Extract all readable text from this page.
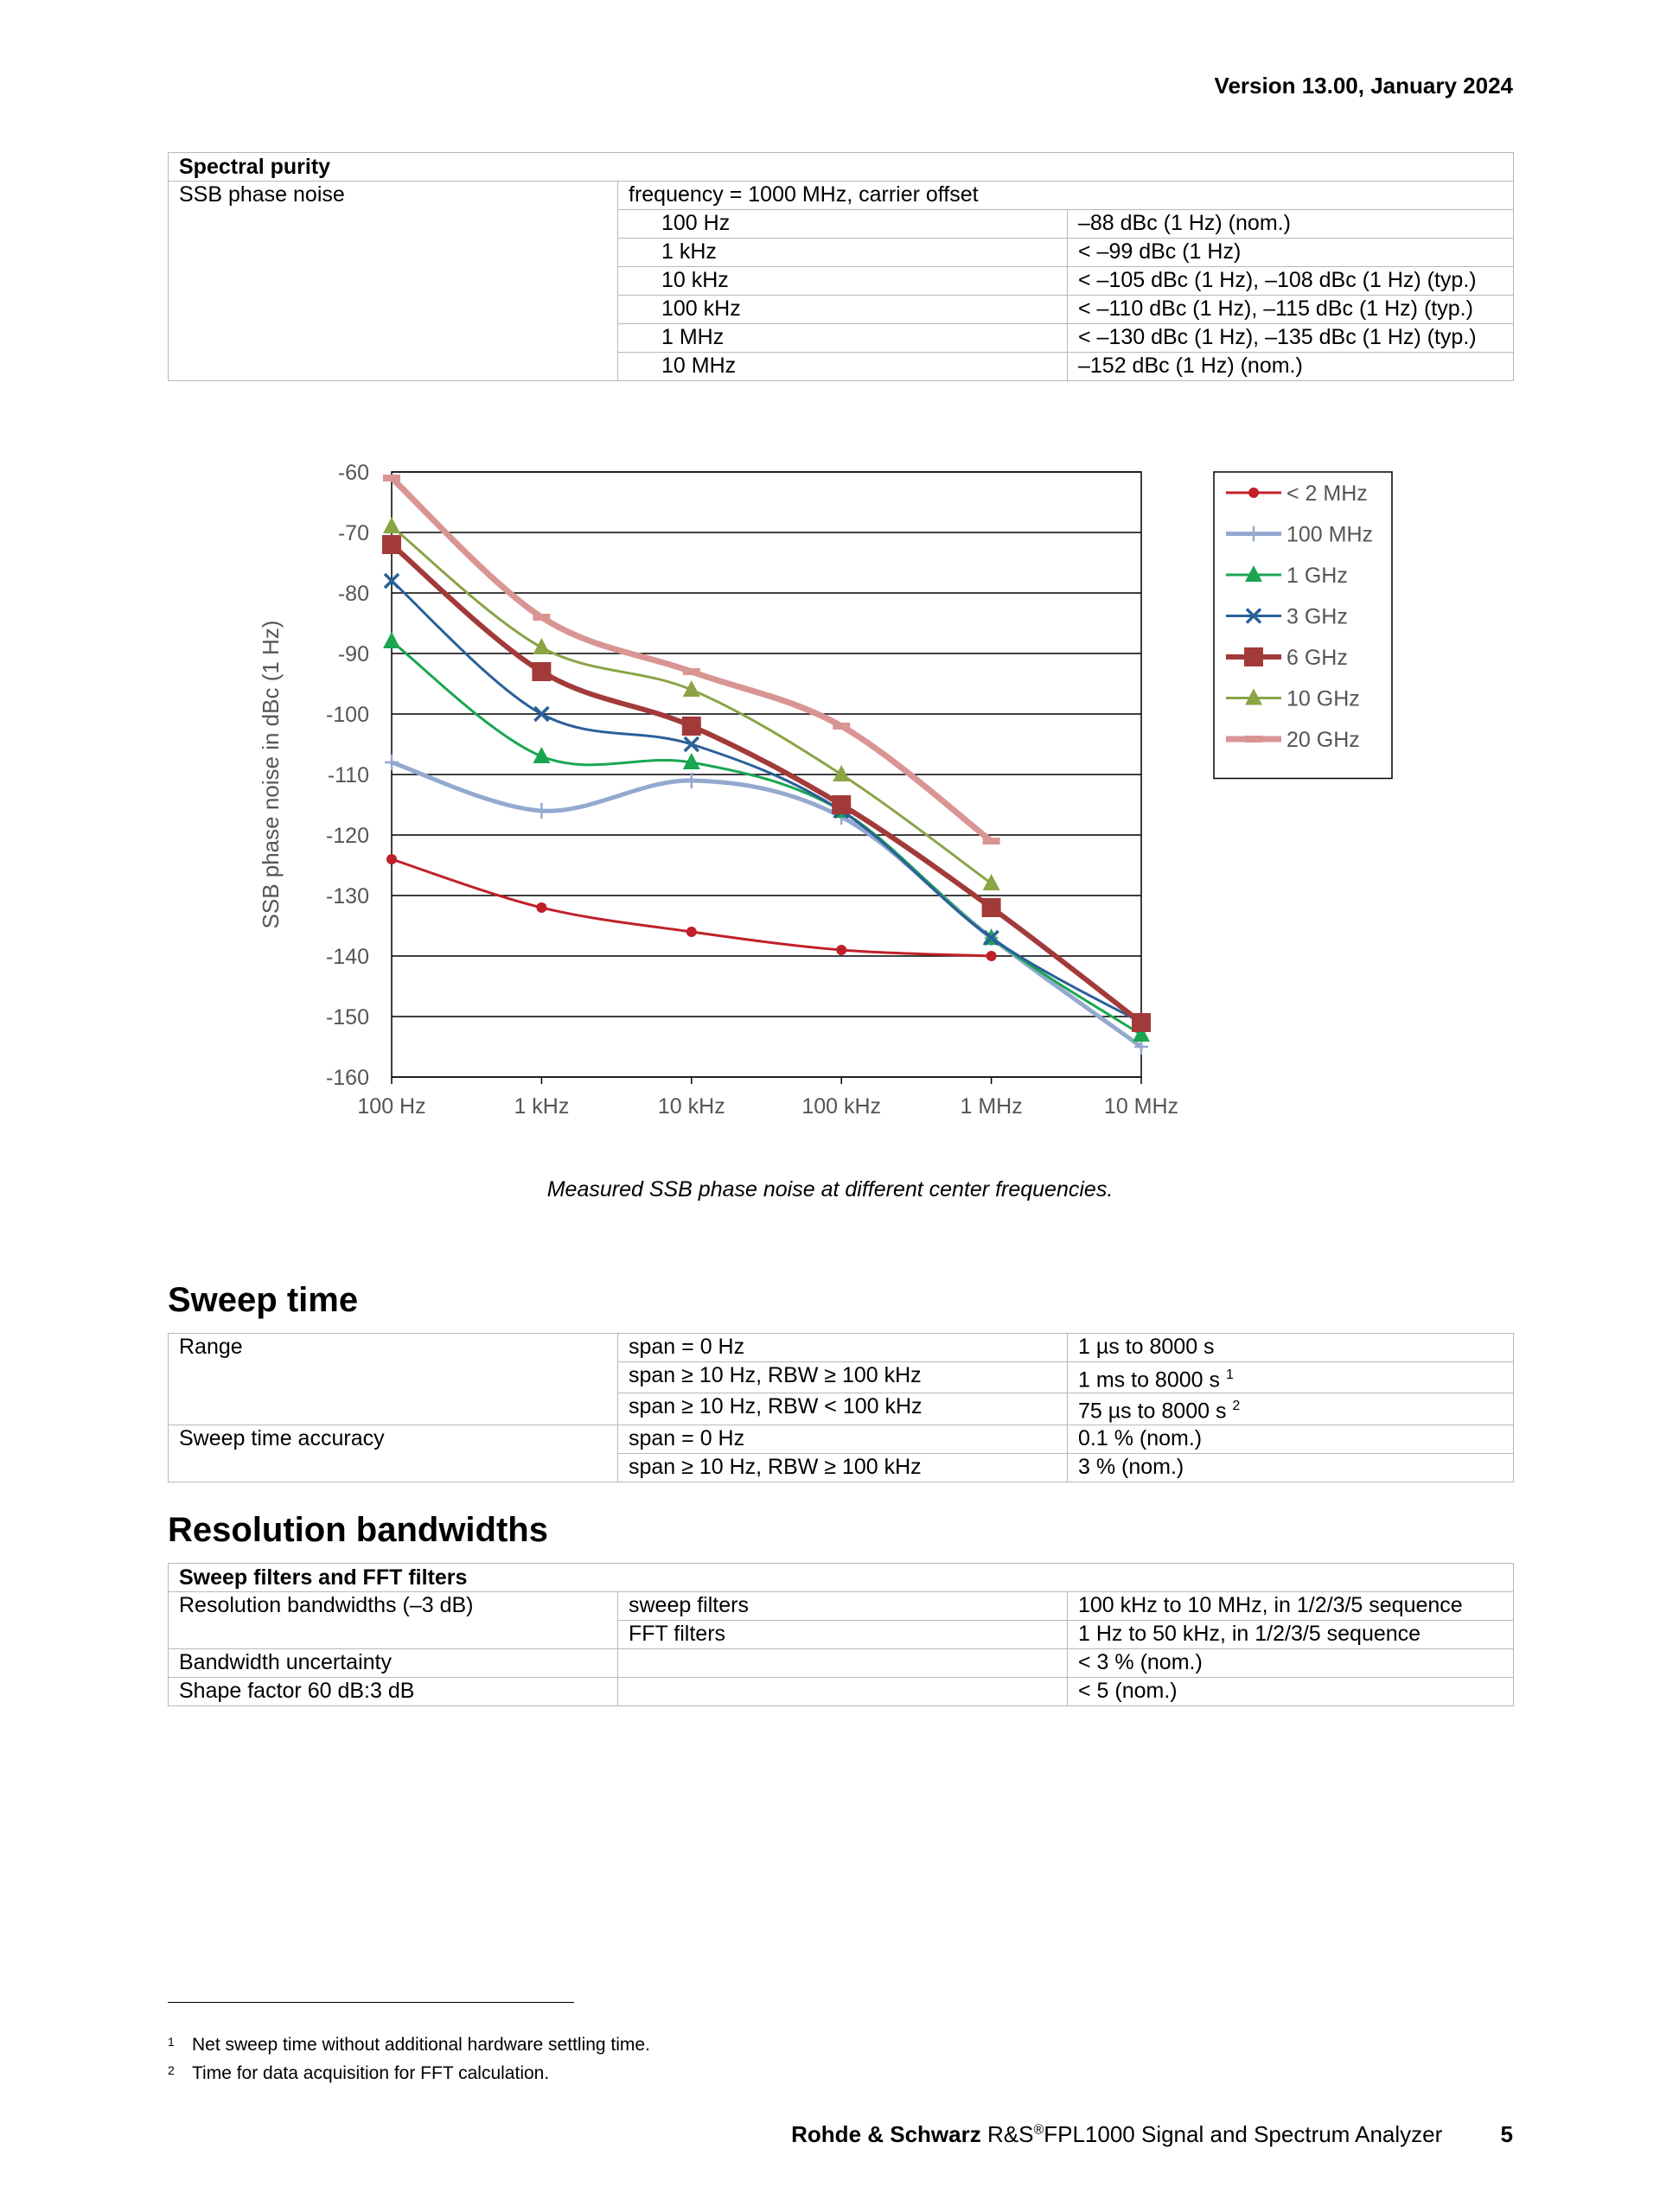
Version 13.00, January 2024
Spectral purity		
SSB phase noise	frequency = 1000 MHz, carrier offset	
	100 Hz	–88 dBc (1 Hz) (nom.)
	1 kHz	< –99 dBc (1 Hz)
	10 kHz	< –105 dBc (1 Hz), –108 dBc (1 Hz) (typ.)
	100 kHz	< –110 dBc (1 Hz), –115 dBc (1 Hz) (typ.)
	1 MHz	< –130 dBc (1 Hz), –135 dBc (1 Hz) (typ.)
	10 MHz	–152 dBc (1 Hz) (nom.)
-60
-70
-80
-90
-100
-110
-120
-130
-140
-150
-160
100 Hz	1 kHz	10 kHz	100 kHz	1 MHz	10 MHz
SSB phase noise in dBc (1 Hz)
< 2 MHz
100 MHz
1 GHz
3 GHz
6 GHz
10 GHz
20 GHz
Measured SSB phase noise at different center frequencies.
Sweep time
Range	span = 0 Hz	1 µs to 8000 s
	span ≥ 10 Hz, RBW ≥ 100 kHz	1 ms to 8000 s $^1$
	span ≥ 10 Hz, RBW < 100 kHz	75 µs to 8000 s $^2$
Sweep time accuracy	span = 0 Hz	0.1 % (nom.)
	span ≥ 10 Hz, RBW ≥ 100 kHz	3 % (nom.)
Resolution bandwidths
Sweep filters and FFT filters		
Resolution bandwidths (–3 dB)	sweep filters	100 kHz to 10 MHz, in 1/2/3/5 sequence
	FFT filters	1 Hz to 50 kHz, in 1/2/3/5 sequence
Bandwidth uncertainty		< 3 % (nom.)
Shape factor 60 dB:3 dB		< 5 (nom.)
$^1$ Net sweep time without additional hardware settling time.
$^2$ Time for data acquisition for FFT calculation.
Rohde & Schwarz R&S®FPL1000 Signal and Spectrum Analyzer	5
